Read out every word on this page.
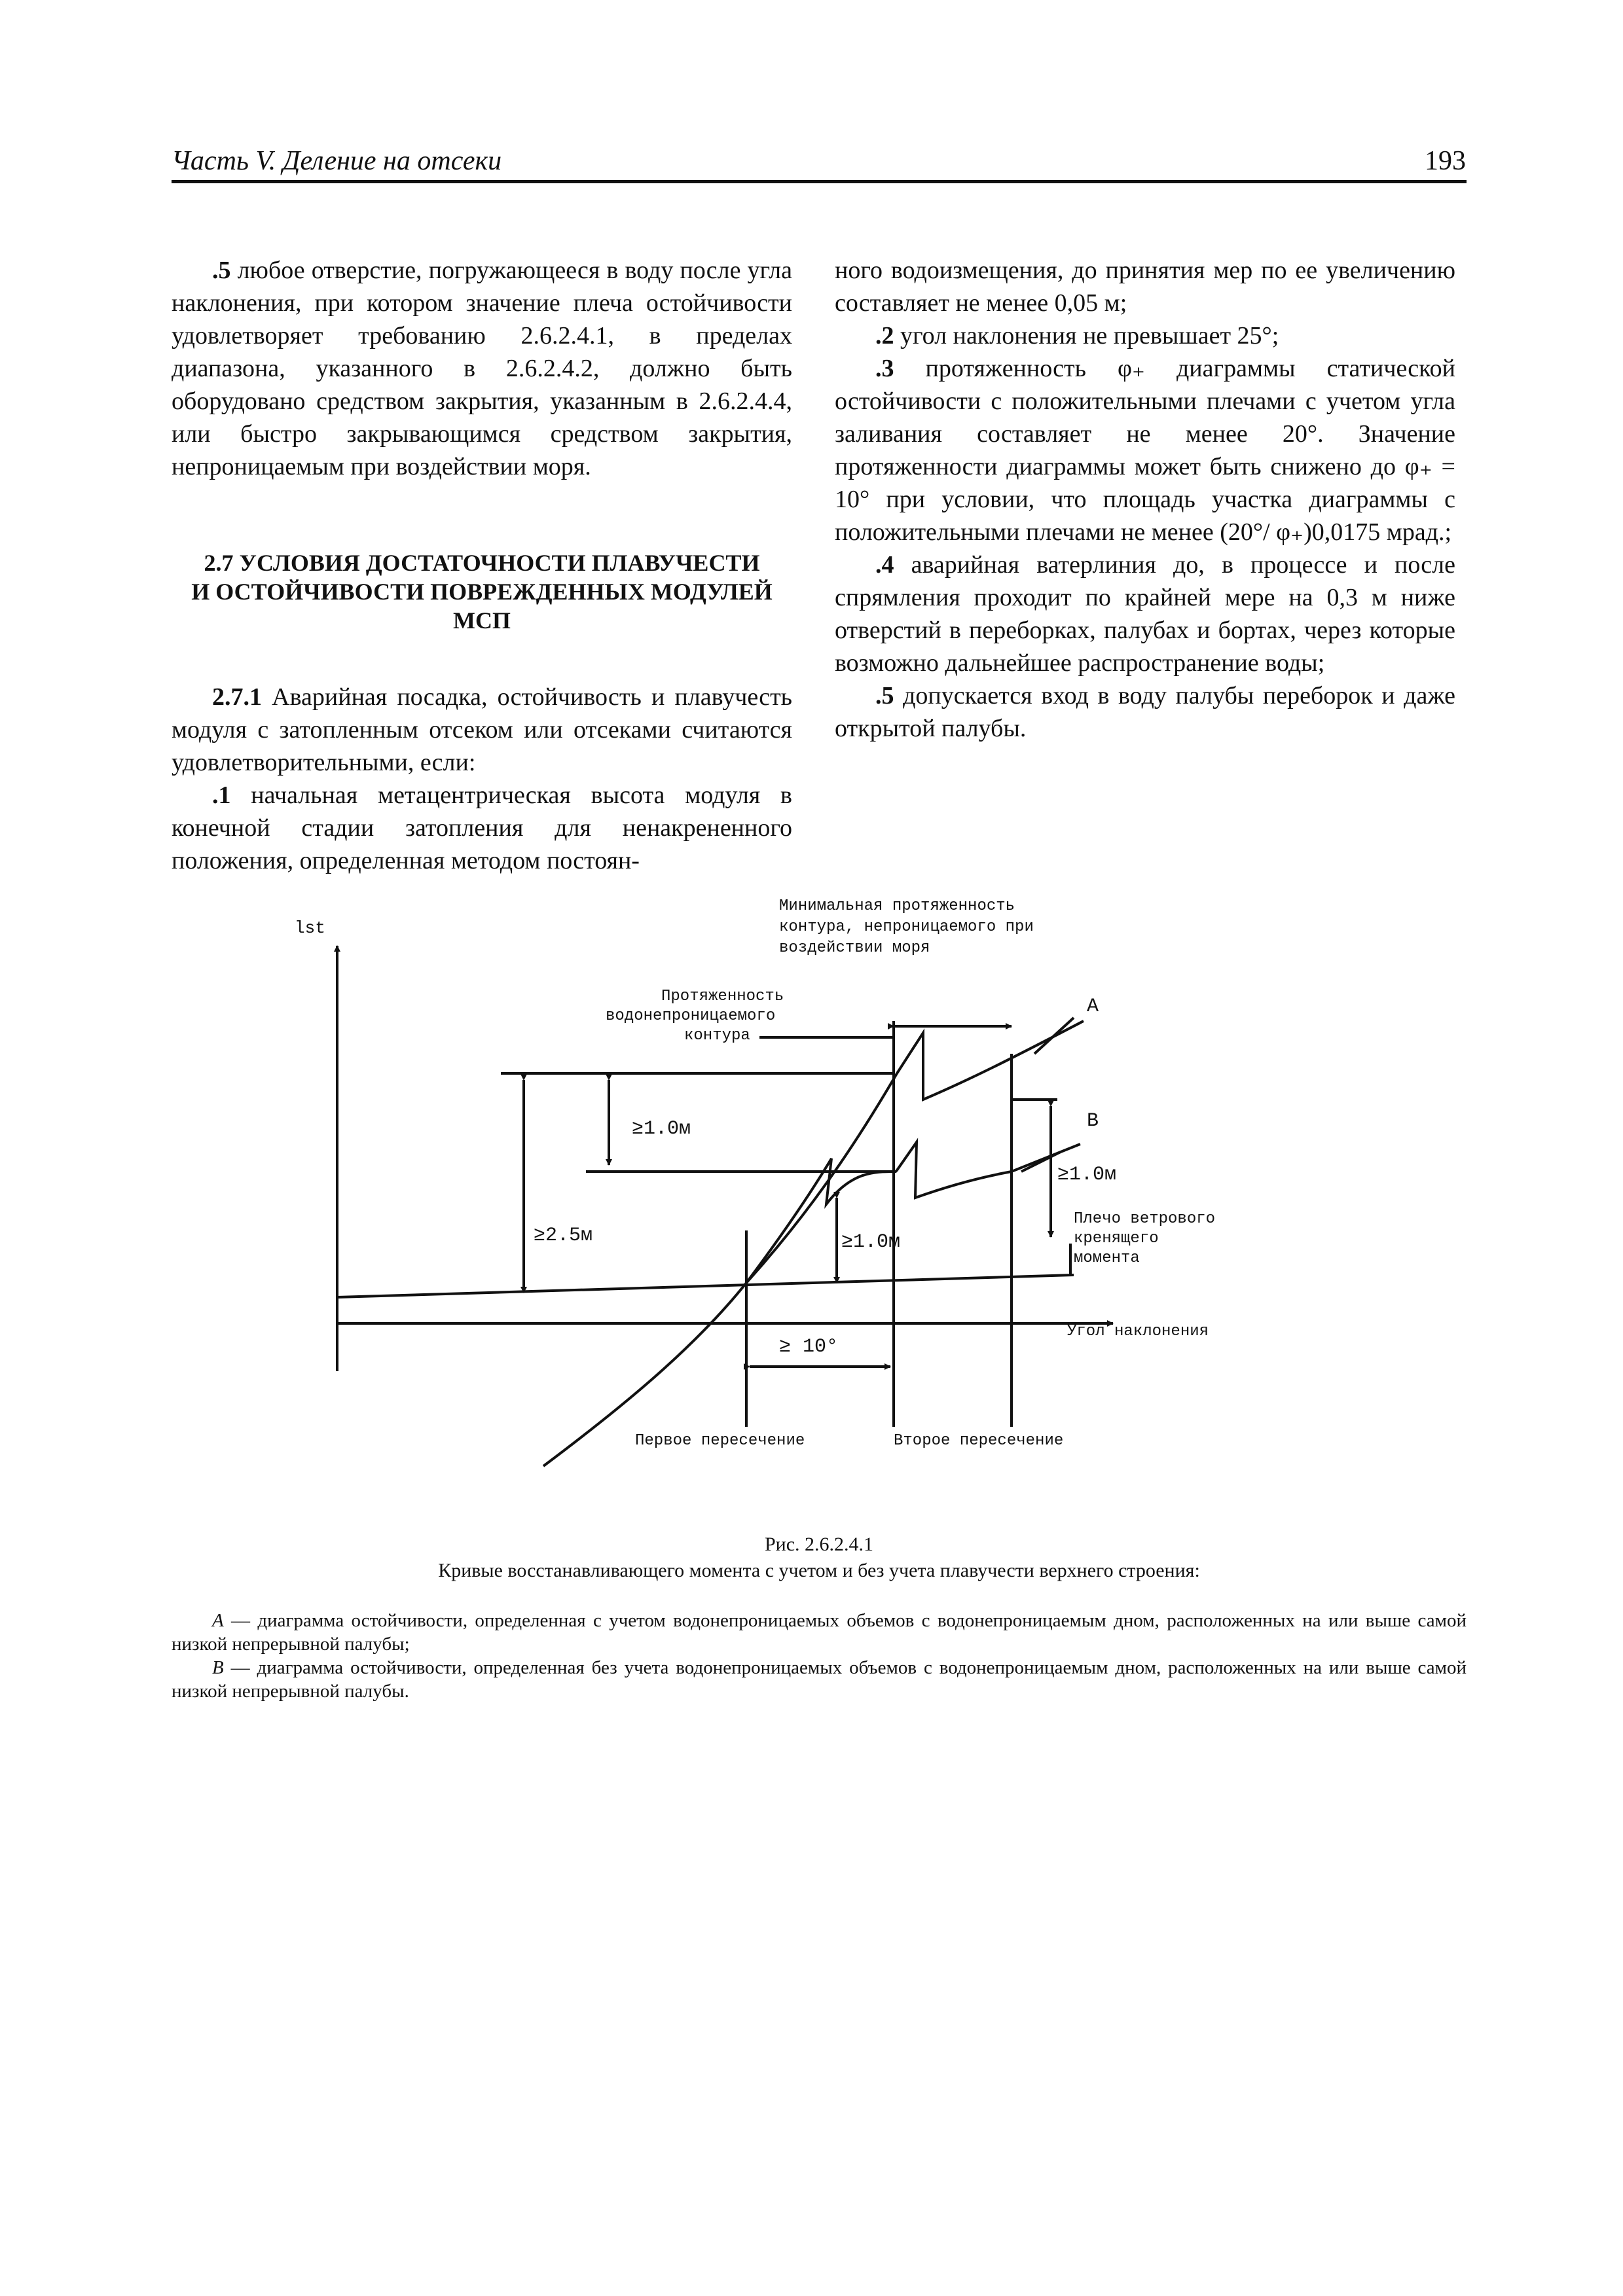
Часть V. Деление на отсеки	193

.5 любое отверстие, погружающееся в воду после угла наклонения, при котором значение плеча остойчивости удовлетворяет требованию 2.6.2.4.1, в пределах диапазона, указанного в 2.6.2.4.2, должно быть оборудовано средством закрытия, указанным в 2.6.2.4.4, или быстро закрывающимся средством закрытия, непроницаемым при воздействии моря.

2.7 УСЛОВИЯ ДОСТАТОЧНОСТИ ПЛАВУЧЕСТИ
И ОСТОЙЧИВОСТИ ПОВРЕЖДЕННЫХ МОДУЛЕЙ МСП

2.7.1 Аварийная посадка, остойчивость и плавучесть модуля с затопленным отсеком или отсеками считаются удовлетворительными, если:

.1 начальная метацентрическая высота модуля в конечной стадии затопления для ненакрененного положения, определенная методом постоян-

ного водоизмещения, до принятия мер по ее увеличению составляет не менее 0,05 м;

.2 угол наклонения не превышает 25°;

.3 протяженность φ₊ диаграммы статической остойчивости с положительными плечами с учетом угла заливания составляет не менее 20°. Значение протяженности диаграммы может быть снижено до φ₊ = 10° при условии, что площадь участка диаграммы с положительными плечами не менее (20°/ φ₊)0,0175 мрад.;

.4 аварийная ватерлиния до, в процессе и после спрямления проходит по крайней мере на 0,3 м ниже отверстий в переборках, палубах и бортах, через которые возможно дальнейшее распространение воды;

.5 допускается вход в воду палубы переборок и даже открытой палубы.

lst
Минимальная протяженность
контура, непроницаемого при
воздействии моря
Протяженность
водонепроницаемого
контура
A
B
≥1.0м
≥1.0м
≥1.0м
≥2.5м
≥ 10°
Плечо ветрового
кренящего
момента
Угол наклонения
Первое пересечение	Второе пересечение
Рис. 2.6.2.4.1
Кривые восстанавливающего момента с учетом и без учета плавучести верхнего строения:

А — диаграмма остойчивости, определенная с учетом водонепроницаемых объемов с водонепроницаемым дном, расположенных на или выше самой низкой непрерывной палубы;

В — диаграмма остойчивости, определенная без учета водонепроницаемых объемов с водонепроницаемым дном, расположенных на или выше самой низкой непрерывной палубы.
